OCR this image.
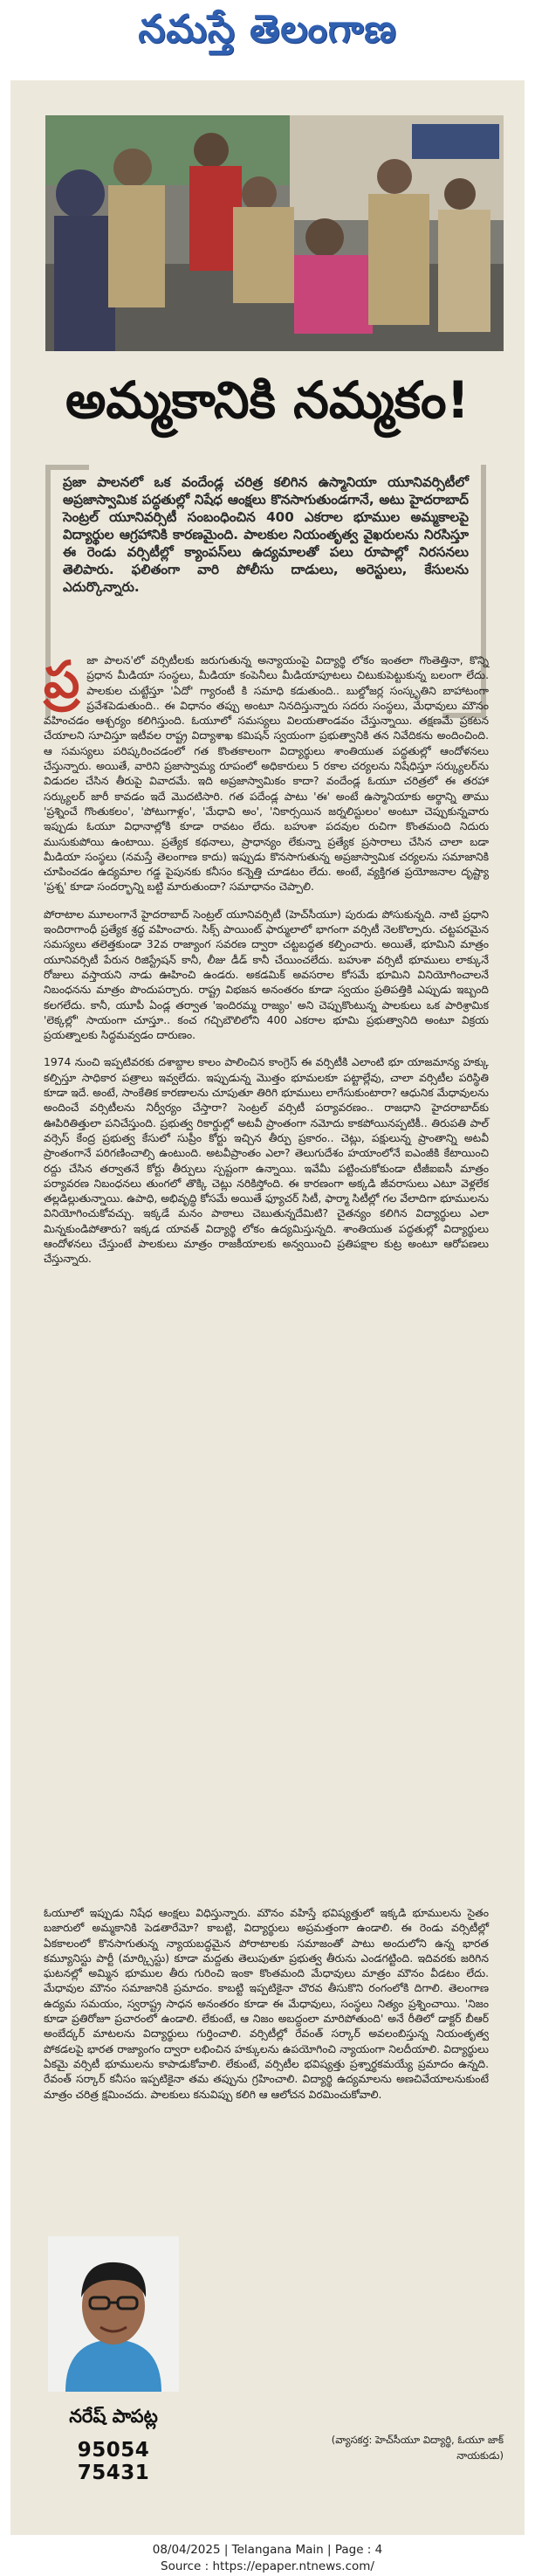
నమస్తే తెలంగాణ
అమ్మకానికి నమ్మకం!

ప్రజా పాలనలో ఒక వందేండ్ల చరిత్ర కలిగిన ఉస్మానియా యూనివర్సిటీలో అప్రజాస్వామిక పద్ధతుల్లో నిషేధ ఆంక్షలు కొనసాగుతుండగానే, అటు హైదరాబాద్ సెంట్రల్ యూనివర్సిటీ సంబంధించిన 400 ఎకరాల భూముల అమ్మకాలపై విద్యార్థుల ఆగ్రహానికి కారణమైంది. పాలకుల నియంతృత్వ వైఖరులను నిరసిస్తూ ఈ రెండు వర్సిటీల్లో క్యాంపస్‌లు ఉద్యమాలతో పలు రూపాల్లో నిరసనలు తెలిపారు. ఫలితంగా వారి పోలీసు దాడులు, అరెస్టులు, కేసులను ఎదుర్కొన్నారు.

ప్ర జా పాలన'లో వర్సిటీలకు జరుగుతున్న అన్యాయంపై విద్యార్థి లోకం ఇంతలా గొంతెత్తినా, కొన్ని ప్రధాన మీడియా సంస్థలు, మీడియా కంపెనీలు మీడియాపూటలు చిటుకుపెట్టుకున్న బలంగా లేదు. పాలకుల చుట్టేస్తూ 'ఏదో' గ్యారంటీ కి సమాధి కడుతుంది.. బుల్డోజర్ల సంస్కృతిని బాహాటంగా ప్రవేశపెడుతుంది.. ఈ విధానం తప్పు అంటూ నినదిస్తున్నారు సదరు సంస్థలు, మేధావులు మౌనం వహించడం ఆశ్చర్యం కలిగిస్తుంది. ఓయూలో సమస్యలు విలయతాండవం చేస్తున్నాయి. తక్షణమే ప్రకటన చేయాలని సూచిస్తూ ఇటీవల రాష్ట్ర విద్యాశాఖ కమిషన్ స్వయంగా ప్రభుత్వానికి తన నివేదికను అందించింది. ఆ సమస్యలు పరిష్కరించడంలో గత కొంతకాలంగా విద్యార్థులు శాంతియుత పద్ధతుల్లో ఆందోళనలు చేస్తున్నారు. అయితే, వారిని ప్రజాస్వామ్య రూపంలో అధికారులు 5 రకాల చర్యలను నిషేధిస్తూ సర్క్యులర్‌ను విడుదల చేసిన తీరుపై వివాదమే. ఇది అప్రజాస్వామికం కాదా? వందేండ్ల ఓయూ చరిత్రలో ఈ తరహా సర్క్యులర్ జారీ కావడం ఇదే మొదటిసారి. గత పదేండ్ల పాటు 'ఈ' అంటే ఉస్మానియాకు అర్థాన్ని తాము 'ప్రశ్నించే గొంతుకలం', 'పోటుగాళ్లం', 'మేధావి అం', 'నికార్సయిన జర్నలిస్టులం' అంటూ చెప్పుకున్నవారు ఇప్పుడు ఓయూ విధానాల్లోకి కూడా రావటం లేదు. బహుశా పదవుల రుచిగా కొంతమంది నిదురు ముసుకుపోయి ఉంటాయి. ప్రత్యేక కథనాలు, ప్రాధాన్యం లేకున్నా ప్రత్యేక ప్రసారాలు చేసిన చాలా బడా మీడియా సంస్థలు (నమస్తే తెలంగాణ కాదు) ఇప్పుడు కొనసాగుతున్న అప్రజాస్వామిక చర్యలను సమాజానికి చూపించడం ఉద్యమాల గడ్డ పైపునకు కనీసం కన్నెత్తి చూడటం లేదు. అంటే, వ్యక్తిగత ప్రయోజనాల దృష్ట్యా 'ప్రశ్న' కూడా సందర్భాన్ని బట్టి మారుతుందా? సమాధానం చెప్పాలి.

పోరాటాల మూలంగానే హైదరాబాద్ సెంట్రల్ యూనివర్సిటీ (హెచ్‌సీయూ) పురుడు పోసుకున్నది. నాటి ప్రధాని ఇందిరాగాంధీ ప్రత్యేక శ్రద్ధ వహించారు. సిక్స్ పాయింట్ ఫార్ములాలో భాగంగా వర్సిటీ నెలకొల్పారు. చట్టపరమైన సమస్యలు తలెత్తకుండా 32వ రాజ్యాంగ సవరణ ద్వారా చట్టబద్ధత కల్పించారు. అయితే, భూమిని మాత్రం యూనివర్సిటీ పేరున రిజిస్ట్రేషన్ కానీ, లీజు డీడ్ కానీ చేయించలేదు. బహుశా వర్సిటీ భూములు లాక్కునే రోజులు వస్తాయని నాడు ఊహించి ఉండరు. అకడమిక్ అవసరాల కోసమే భూమిని వినియోగించాలనే నిబంధనను మాత్రం పొందుపర్చారు. రాష్ట్ర విభజన అనంతరం కూడా స్వయం ప్రతిపత్తికి ఎప్పుడు ఇబ్బంది కలగలేదు. కానీ, యూపీ ఏండ్ల తర్వాత 'ఇందిరమ్మ రాజ్యం' అని చెప్పుకొంటున్న పాలకులు ఒక పారిశ్రామిక 'లెక్కల్లో' సాయంగా చూస్తూ.. కంచ గచ్చిబౌలిలోని 400 ఎకరాల భూమి ప్రభుత్వానిది అంటూ విక్రయ ప్రయత్నాలకు సిద్ధమవ్వడం దారుణం.

1974 నుంచి ఇప్పటివరకు దశాబ్దాల కాలం పాలించిన కాంగ్రెస్ ఈ వర్సిటీకి ఎలాంటి భూ యాజమాన్య హక్కు కల్పిస్తూ సాధికార పత్రాలు ఇవ్వలేదు. ఇప్పుడున్న మొత్తం భూమలకూ పట్టాల్లేవు, చాలా వర్సిటీల పరిస్థితి కూడా ఇదే. అంటే, సాంకేతిక కారణాలను చూపుతూ తిరిగి భూములు లాగేసుకుంటారా? ఆధునిక మేధావులను అందించే వర్సిటీలను నిర్వీర్యం చేస్తారా? సెంట్రల్ వర్సిటీ పర్యావరణం.. రాజధాని హైదరాబాద్‌కు ఊపిరితిత్తులా పనిచేస్తుంది. ప్రభుత్వ రికార్డుల్లో అటవీ ప్రాంతంగా నమోదు కాకపోయినప్పటికీ.. తిరుపతి పాల్ వర్సెస్ కేంద్ర ప్రభుత్వ కేసులో సుప్రీం కోర్టు ఇచ్చిన తీర్పు ప్రకారం.. చెట్లు, పక్షులున్న ప్రాంతాన్ని అటవీ ప్రాంతంగానే పరిగణించాల్సి ఉంటుంది. అటవీప్రాంతం ఎలా? తెలుగుదేశం హయాంలోనే ఐఎంజీకి కేటాయించి రద్దు చేసిన తర్వాతనే కోర్టు తీర్పులు స్పష్టంగా ఉన్నాయి. ఇవేమీ పట్టించుకోకుండా టీజీఐఐసీ మాత్రం పర్యావరణ నిబంధనలు తుంగలో తొక్కి చెట్లు నరికిస్తోంది. ఈ కారణంగా అక్కడి జీవరాసులు ఎటూ వెళ్లలేక తల్లడిల్లుతున్నాయి. ఉపాధి, అభివృద్ధి కోసమే అయితే ఫ్యూచర్ సిటీ, ఫార్మా సిటీల్లో గల వేలాదిగా భూములను వినియోగించుకోవచ్చు. ఇక్కడే మనం పాఠాలు చెబుతున్నదేమిటి? చైతన్యం కలిగిన విద్యార్థులు ఎలా మిన్నకుండిపోతారు? ఇక్కడ యావత్ విద్యార్థి లోకం ఉద్యమిస్తున్నది. శాంతియుత పద్ధతుల్లో విద్యార్థులు ఆందోళనలు చేస్తుంటే పాలకులు మాత్రం రాజకీయాలకు అన్వయించి ప్రతిపక్షాల కుట్ర అంటూ ఆరోపణలు చేస్తున్నారు.

ఓయూలో ఇప్పుడు నిషేధ ఆంక్షలు విధిస్తున్నారు. మౌనం వహిస్తే భవిష్యత్తులో ఇక్కడి భూములను సైతం బజారులో అమ్మకానికి పెడతారేమో? కాబట్టి, విద్యార్థులు అప్రమత్తంగా ఉండాలి. ఈ రెండు వర్సిటీల్లో ఏకకాలంలో కొనసాగుతున్న న్యాయబద్ధమైన పోరాటాలకు సమాజంతో పాటు అందులోని ఉన్న భారత కమ్యూనిస్టు పార్టీ (మార్క్సిస్టు) కూడా మద్దతు తెలుపుతూ ప్రభుత్వ తీరును ఎండగట్టింది. ఇదివరకు జరిగిన ఘటనల్లో అమ్మిన భూముల తీరు గురించి ఇంకా కొంతమంది మేధావులు మాత్రం మౌనం వీడటం లేదు. మేధావుల మౌనం సమాజానికి ప్రమాదం. కాబట్టి ఇప్పటికైనా చొరవ తీసుకొని రంగంలోకి దిగాలి. తెలంగాణ ఉద్యమ సమయం, స్వరాష్ట్ర సాధన అనంతరం కూడా ఈ మేధావులు, సంస్థలు నిత్యం ప్రశ్నించాయి. 'నిజం కూడా ప్రతిరోజూ ప్రచారంలో ఉండాలి. లేకుంటే, ఆ నిజం అబద్ధంలా మారిపోతుంది' అనే రీతిలో డాక్టర్ బీఆర్ అంబేద్కర్ మాటలను విద్యార్థులు గుర్తించాలి. వర్సిటీల్లో రేవంత్ సర్కార్ అవలంబిస్తున్న నియంతృత్వ పోకడలపై భారత రాజ్యాంగం ద్వారా లభించిన హక్కులను ఉపయోగించి న్యాయంగా నిలదీయాలి. విద్యార్థులు ఏకమై వర్సిటీ భూములను కాపాడుకోవాలి. లేకుంటే, వర్సిటీల భవిష్యత్తు ప్రశ్నార్థకమయ్యే ప్రమాదం ఉన్నది. రేవంత్ సర్కార్ కనీసం ఇప్పటికైనా తమ తప్పును గ్రహించాలి. విద్యార్థి ఉద్యమాలను అణచివేయాలనుకుంటే మాత్రం చరిత్ర క్షమించదు. పాలకులు కనువిప్పు కలిగి ఆ ఆలోచన విరమించుకోవాలి.

నరేష్ పాపట్ల
95054 75431
(వ్యాసకర్త: హెచ్‌సీయూ విద్యార్థి, ఓయూ జాక్ నాయకుడు)
08/04/2025 | Telangana Main | Page : 4
Source : https://epaper.ntnews.com/
